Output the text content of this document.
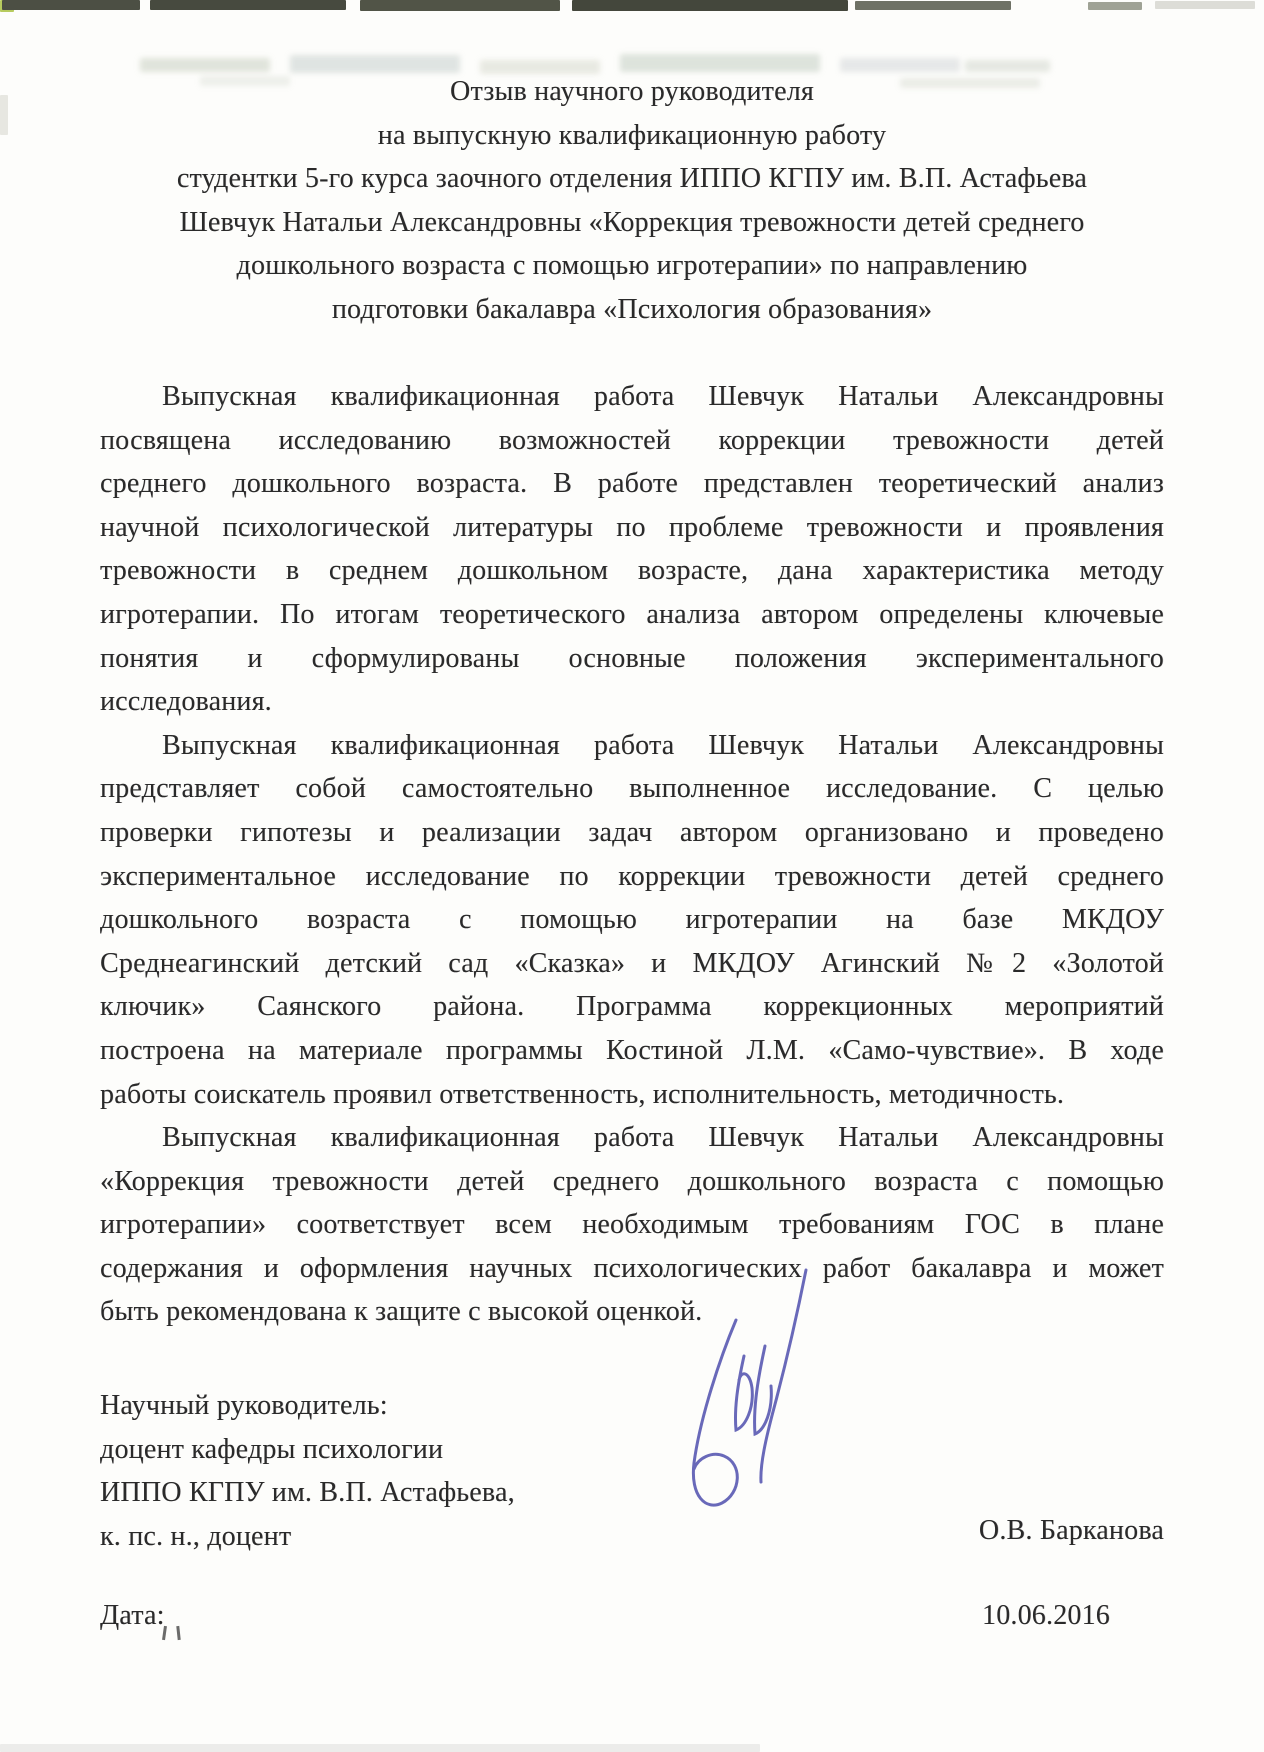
Отзыв научного руководителя
на выпускную квалификационную работу
студентки 5-го курса заочного отделения ИППО КГПУ им. В.П. Астафьева
Шевчук Натальи Александровны «Коррекция тревожности детей среднего
дошкольного возраста с помощью игротерапии» по направлению
подготовки бакалавра «Психология образования»
Выпускная квалификационная работа Шевчук Натальи Александровны
посвящена исследованию возможностей коррекции тревожности детей
среднего дошкольного возраста. В работе представлен теоретический анализ
научной психологической литературы по проблеме тревожности и проявления
тревожности в среднем дошкольном возрасте, дана характеристика методу
игротерапии. По итогам теоретического анализа автором определены ключевые
понятия и сформулированы основные положения экспериментального
исследования.
Выпускная квалификационная работа Шевчук Натальи Александровны
представляет собой самостоятельно выполненное исследование. С целью
проверки гипотезы и реализации задач автором организовано и проведено
экспериментальное исследование по коррекции тревожности детей среднего
дошкольного возраста с помощью игротерапии на базе МКДОУ
Среднеагинский детский сад «Сказка» и МКДОУ Агинский №2 «Золотой
ключик» Саянского района. Программа коррекционных мероприятий
построена на материале программы Костиной Л.М. «Само-чувствие». В ходе
работы соискатель проявил ответственность, исполнительность, методичность.
Выпускная квалификационная работа Шевчук Натальи Александровны
«Коррекция тревожности детей среднего дошкольного возраста с помощью
игротерапии» соответствует всем необходимым требованиям ГОС в плане
содержания и оформления научных психологических работ бакалавра и может
быть рекомендована к защите с высокой оценкой.
Научный руководитель:
доцент кафедры психологии
ИППО КГПУ им. В.П. Астафьева,
к. пс. н., доцент	О.В. Барканова
Дата:	10.06.2016
